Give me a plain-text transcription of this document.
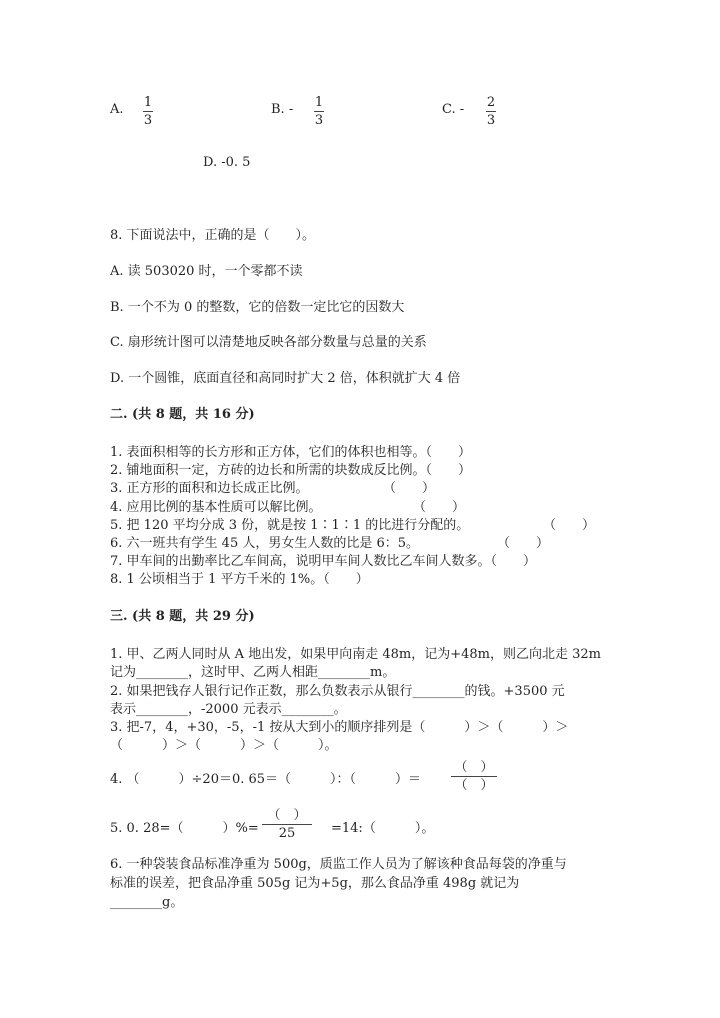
A. 1
3
B. - 1
3
C. - 2
3
D. -0. 5
8. 下面说法中，正确的是（　　）。
A. 读 503020 时，一个零都不读
B. 一个不为 0 的整数，它的倍数一定比它的因数大
C. 扇形统计图可以清楚地反映各部分数量与总量的关系
D. 一个圆锥，底面直径和高同时扩大 2 倍，体积就扩大 4 倍
二. (共 8 题，共 16 分)
1. 表面积相等的长方形和正方体，它们的体积也相等。（　　）
2. 铺地面积一定，方砖的边长和所需的块数成反比例。（　　）
3. 正方形的面积和边长成正比例。	（　　）
4. 应用比例的基本性质可以解比例。	（　　）
5. 把 120 平均分成 3 份，就是按 1∶1∶1 的比进行分配的。	（　　）
6. 六一班共有学生 45 人，男女生人数的比是 6：5。	（　　）
7. 甲车间的出勤率比乙车间高，说明甲车间人数比乙车间人数多。（　　）
8. 1 公顷相当于 1 平方千米的 1%。（　　）
三. (共 8 题，共 29 分)
1. 甲、乙两人同时从 A 地出发，如果甲向南走 48m，记为+48m，则乙向北走 32m
记为________，这时甲、乙两人相距________m。
2. 如果把钱存人银行记作正数，那么负数表示从银行________的钱。+3500 元
表示________，-2000 元表示________。
3. 把-7，4，+30，-5，-1 按从大到小的顺序排列是（　　　）＞（　　　）＞
（　　　）＞（　　　）＞（　　　）。
4. （　　　）÷20＝0. 65＝（　　　）：（　　　）＝
（　）
（　）
5. 0. 28=（　　　）%=
（　）
25	=14:（　　　）。
6. 一种袋装食品标准净重为 500g，质监工作人员为了解该种食品每袋的净重与
标准的误差，把食品净重 505g 记为+5g，那么食品净重 498g 就记为
________g。
